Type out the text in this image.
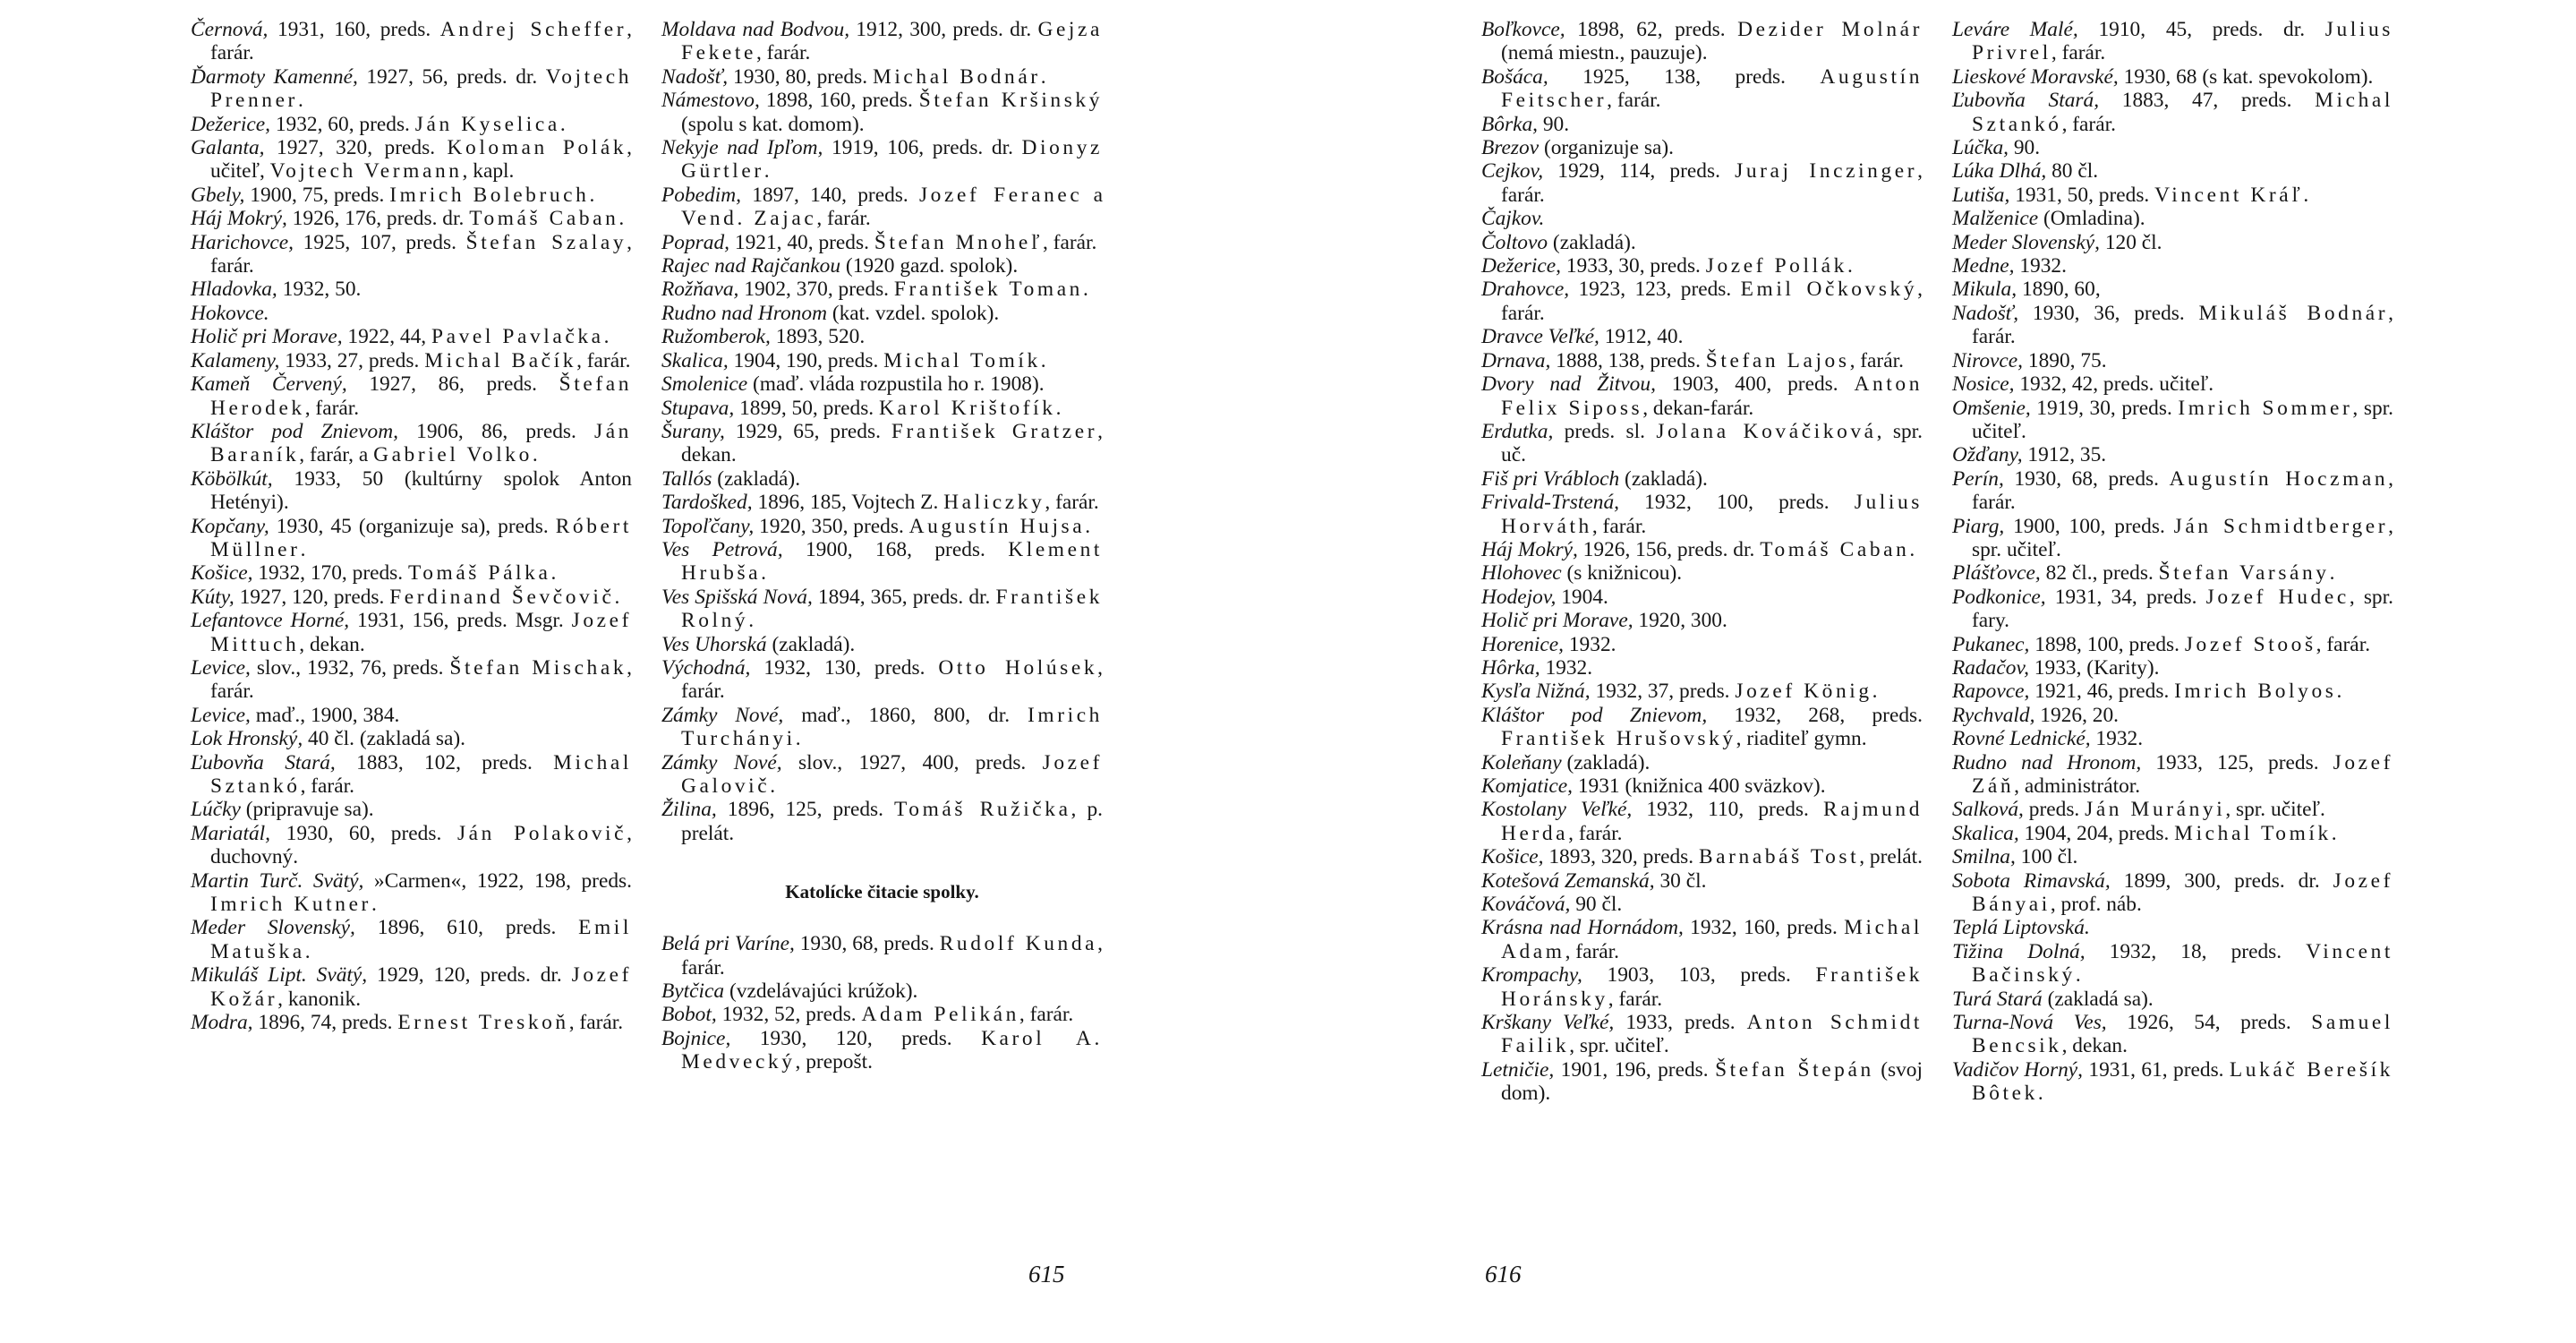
Černová, 1931, 160, preds. Andrej Scheffer, farár.

Ďarmoty Kamenné, 1927, 56, preds. dr. Vojtech Prenner.

Dežerice, 1932, 60, preds. Ján Kyselica.

Galanta, 1927, 320, preds. Koloman Polák, učiteľ, Vojtech Vermann, kapl.

Gbely, 1900, 75, preds. Imrich Bolebruch.

Háj Mokrý, 1926, 176, preds. dr. Tomáš Caban.

Harichovce, 1925, 107, preds. Štefan Szalay, farár.

Hladovka, 1932, 50.

Hokovce.

Holič pri Morave, 1922, 44, Pavel Pavlačka.

Kalameny, 1933, 27, preds. Michal Bačík, farár.

Kameň Červený, 1927, 86, preds. Štefan Herodek, farár.

Kláštor pod Znievom, 1906, 86, preds. Ján Baraník, farár, a Gabriel Volko.

Köbölkút, 1933, 50 (kultúrny spolok Anton Hetényi).

Kopčany, 1930, 45 (organizuje sa), preds. Róbert Müllner.

Košice, 1932, 170, preds. Tomáš Pálka.

Kúty, 1927, 120, preds. Ferdinand Ševčovič.

Lefantovce Horné, 1931, 156, preds. Msgr. Jozef Mittuch, dekan.

Levice, slov., 1932, 76, preds. Štefan Mischak, farár.

Levice, maď., 1900, 384.

Lok Hronský, 40 čl. (zakladá sa).

Ľubovňa Stará, 1883, 102, preds. Michal Sztankó, farár.

Lúčky (pripravuje sa).

Mariatál, 1930, 60, preds. Ján Polakovič, duchovný.

Martin Turč. Svätý, »Carmen«, 1922, 198, preds. Imrich Kutner.

Meder Slovenský, 1896, 610, preds. Emil Matuška.

Mikuláš Lipt. Svätý, 1929, 120, preds. dr. Jozef Kožár, kanonik.

Modra, 1896, 74, preds. Ernest Treskoň, farár.

Moldava nad Bodvou, 1912, 300, preds. dr. Gejza Fekete, farár.

Nadošť, 1930, 80, preds. Michal Bodnár.

Námestovo, 1898, 160, preds. Štefan Kršinský (spolu s kat. domom).

Nekyje nad Ipľom, 1919, 106, preds. dr. Dionyz Gürtler.

Pobedim, 1897, 140, preds. Jozef Feranec a Vend. Zajac, farár.

Poprad, 1921, 40, preds. Štefan Mnoheľ, farár.

Rajec nad Rajčankou (1920 gazd. spolok).

Rožňava, 1902, 370, preds. František Toman.

Rudno nad Hronom (kat. vzdel. spolok).

Ružomberok, 1893, 520.

Skalica, 1904, 190, preds. Michal Tomík.

Smolenice (maď. vláda rozpustila ho r. 1908).

Stupava, 1899, 50, preds. Karol Krištofík.

Šurany, 1929, 65, preds. František Gratzer, dekan.

Tallós (zakladá).

Tardošked, 1896, 185, Vojtech Z. Haliczky, farár.

Topoľčany, 1920, 350, preds. Augustín Hujsa.

Ves Petrová, 1900, 168, preds. Klement Hrubša.

Ves Spišská Nová, 1894, 365, preds. dr. František Rolný.

Ves Uhorská (zakladá).

Východná, 1932, 130, preds. Otto Holúsek, farár.

Zámky Nové, maď., 1860, 800, dr. Imrich Turchányi.

Zámky Nové, slov., 1927, 400, preds. Jozef Galovič.

Žilina, 1896, 125, preds. Tomáš Ružička, p. prelát.

Katolícke čitacie spolky.

Belá pri Varíne, 1930, 68, preds. Rudolf Kunda, farár.

Bytčica (vzdelávajúci krúžok).

Bobot, 1932, 52, preds. Adam Pelikán, farár.

Bojnice, 1930, 120, preds. Karol A. Medvecký, prepošt.

615

Boľkovce, 1898, 62, preds. Dezider Molnár (nemá miestn., pauzuje).

Bošáca, 1925, 138, preds. Augustín Feitscher, farár.

Bôrka, 90.

Brezov (organizuje sa).

Cejkov, 1929, 114, preds. Juraj Inczinger, farár.

Čajkov.

Čoltovo (zakladá).

Dežerice, 1933, 30, preds. Jozef Pollák.

Drahovce, 1923, 123, preds. Emil Očkovský, farár.

Dravce Veľké, 1912, 40.

Drnava, 1888, 138, preds. Štefan Lajos, farár.

Dvory nad Žitvou, 1903, 400, preds. Anton Felix Siposs, dekan-farár.

Erdutka, preds. sl. Jolana Kováčiková, spr. uč.

Fiš pri Vrábloch (zakladá).

Frivald-Trstená, 1932, 100, preds. Julius Horváth, farár.

Háj Mokrý, 1926, 156, preds. dr. Tomáš Caban.

Hlohovec (s knižnicou).

Hodejov, 1904.

Holič pri Morave, 1920, 300.

Horenice, 1932.

Hôrka, 1932.

Kysľa Nižná, 1932, 37, preds. Jozef König.

Kláštor pod Znievom, 1932, 268, preds. František Hrušovský, riaditeľ gymn.

Koleňany (zakladá).

Komjatice, 1931 (knižnica 400 sväzkov).

Kostolany Veľké, 1932, 110, preds. Rajmund Herda, farár.

Košice, 1893, 320, preds. Barnabáš Tost, prelát.

Kotešová Zemanská, 30 čl.

Kováčová, 90 čl.

Krásna nad Hornádom, 1932, 160, preds. Michal Adam, farár.

Krompachy, 1903, 103, preds. František Horánsky, farár.

Krškany Veľké, 1933, preds. Anton Schmidt Failik, spr. učiteľ.

Letničie, 1901, 196, preds. Štefan Štepán (svoj dom).

Leváre Malé, 1910, 45, preds. dr. Julius Privrel, farár.

Lieskové Moravské, 1930, 68 (s kat. spevokolom).

Ľubovňa Stará, 1883, 47, preds. Michal Sztankó, farár.

Lúčka, 90.

Lúka Dlhá, 80 čl.

Lutiša, 1931, 50, preds. Vincent Kráľ.

Malženice (Omladina).

Meder Slovenský, 120 čl.

Medne, 1932.

Mikula, 1890, 60,

Nadošť, 1930, 36, preds. Mikuláš Bodnár, farár.

Nirovce, 1890, 75.

Nosice, 1932, 42, preds. učiteľ.

Omšenie, 1919, 30, preds. Imrich Sommer, spr. učiteľ.

Ožďany, 1912, 35.

Perín, 1930, 68, preds. Augustín Hoczman, farár.

Piarg, 1900, 100, preds. Ján Schmidtberger, spr. učiteľ.

Plášťovce, 82 čl., preds. Štefan Varsány.

Podkonice, 1931, 34, preds. Jozef Hudec, spr. fary.

Pukanec, 1898, 100, preds. Jozef Stooš, farár.

Radačov, 1933, (Karity).

Rapovce, 1921, 46, preds. Imrich Bolyos.

Rychvald, 1926, 20.

Rovné Lednické, 1932.

Rudno nad Hronom, 1933, 125, preds. Jozef Záň, administrátor.

Salková, preds. Ján Murányi, spr. učiteľ.

Skalica, 1904, 204, preds. Michal Tomík.

Smilna, 100 čl.

Sobota Rimavská, 1899, 300, preds. dr. Jozef Bányai, prof. náb.

Teplá Liptovská.

Tižina Dolná, 1932, 18, preds. Vincent Bačinský.

Turá Stará (zakladá sa).

Turna-Nová Ves, 1926, 54, preds. Samuel Bencsik, dekan.

Vadičov Horný, 1931, 61, preds. Lukáč Berešík Bôtek.

616
